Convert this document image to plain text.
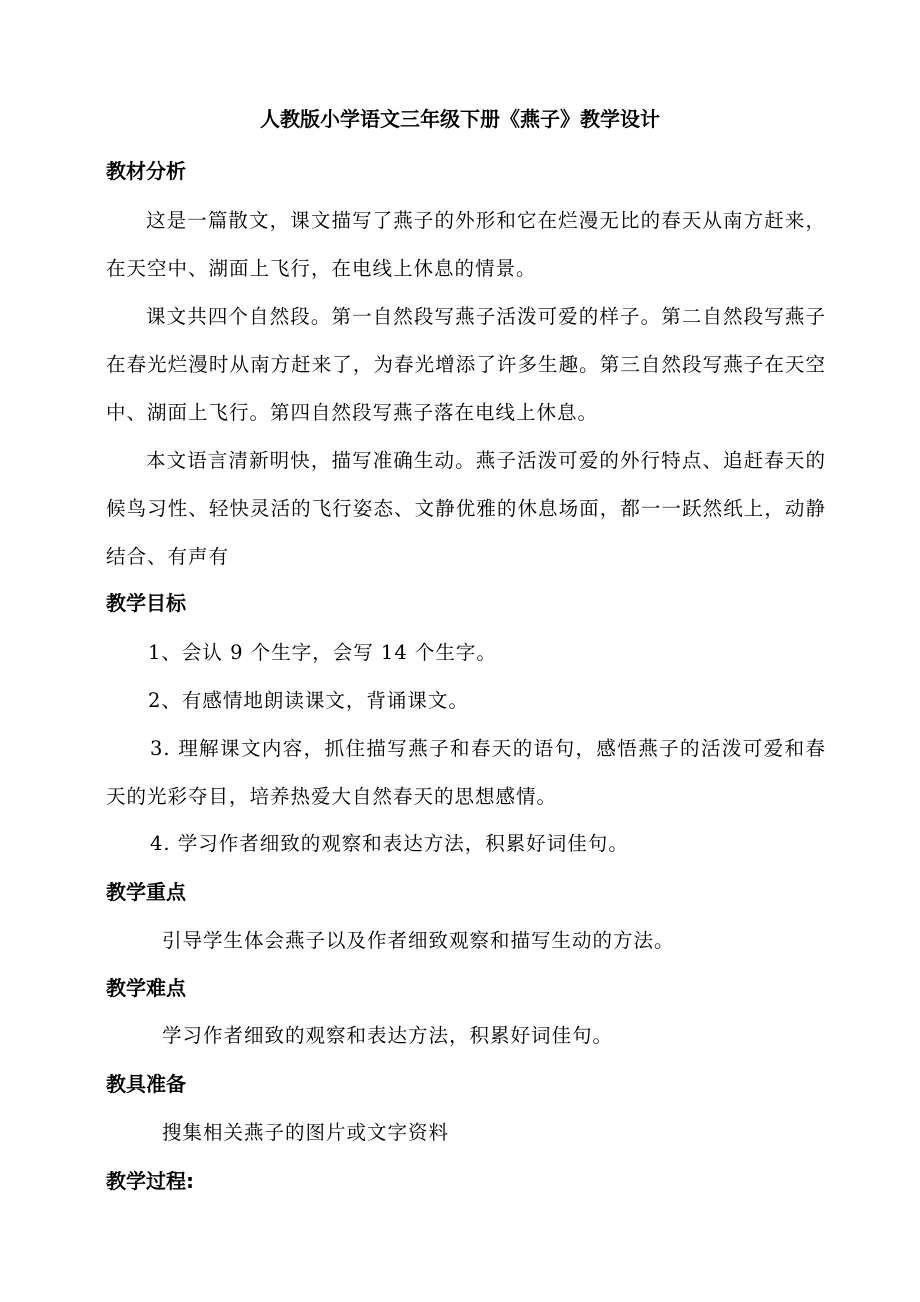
人教版小学语文三年级下册《燕子》教学设计
教材分析
这是一篇散文，课文描写了燕子的外形和它在烂漫无比的春天从南方赶来，在天空中、湖面上飞行，在电线上休息的情景。
课文共四个自然段。第一自然段写燕子活泼可爱的样子。第二自然段写燕子在春光烂漫时从南方赶来了，为春光增添了许多生趣。第三自然段写燕子在天空中、湖面上飞行。第四自然段写燕子落在电线上休息。
本文语言清新明快，描写准确生动。燕子活泼可爱的外行特点、追赶春天的候鸟习性、轻快灵活的飞行姿态、文静优雅的休息场面，都一一跃然纸上，动静结合、有声有
教学目标
1、会认 9 个生字，会写 14 个生字。
2、有感情地朗读课文，背诵课文。
3. 理解课文内容，抓住描写燕子和春天的语句，感悟燕子的活泼可爱和春天的光彩夺目，培养热爱大自然春天的思想感情。
4. 学习作者细致的观察和表达方法，积累好词佳句。
教学重点
引导学生体会燕子以及作者细致观察和描写生动的方法。
教学难点
学习作者细致的观察和表达方法，积累好词佳句。
教具准备
搜集相关燕子的图片或文字资料
教学过程:
